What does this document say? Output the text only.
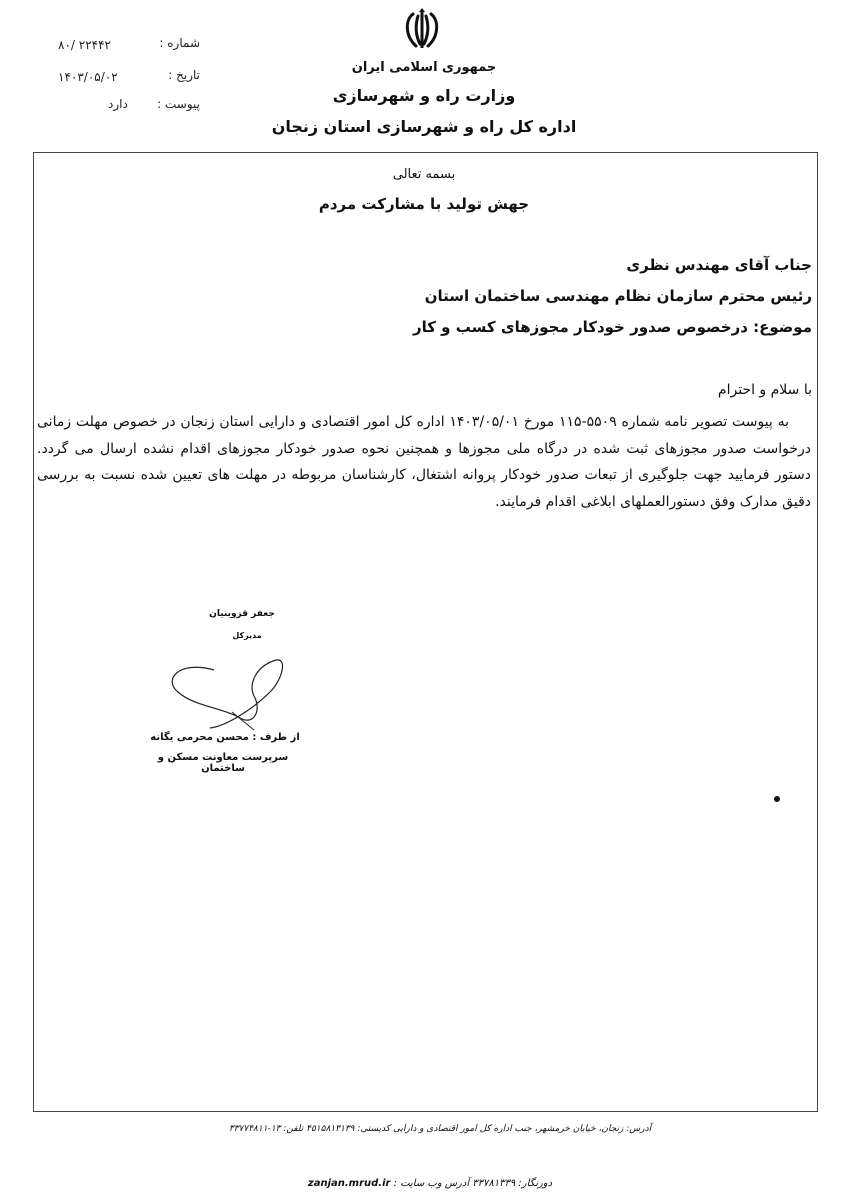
جمهوری اسلامی ایران
وزارت راه و شهرسازی
اداره کل راه و شهرسازی استان زنجان
شماره :
۸۰/ ۲۲۴۴۲
تاریخ :
۱۴۰۳/۰۵/۰۲
پیوست :
دارد
بسمه تعالی
جهش تولید با مشارکت مردم
جناب آقای مهندس نظری
رئیس محترم سازمان نظام مهندسی ساختمان استان
موضوع: درخصوص صدور خودکار مجوزهای کسب و کار
با سلام و احترام
به پیوست تصویر نامه شماره ۵۵۰۹-۱۱۵ مورخ ۱۴۰۳/۰۵/۰۱ اداره کل امور اقتصادی و دارایی استان زنجان در خصوص مهلت زمانی درخواست صدور مجوزهای ثبت شده در درگاه ملی مجوزها و همچنین نحوه صدور خودکار مجوزهای اقدام نشده ارسال می گردد. دستور فرمایید جهت جلوگیری از تبعات صدور خودکار پروانه اشتغال، کارشناسان مربوطه در مهلت های تعیین شده نسبت به بررسی دقیق مدارک وفق دستورالعملهای ابلاغی اقدام فرمایند.
جعفر قزوینیان
مدیرکل
از طرف : محسن محرمی یگانه
سرپرست معاونت مسکن و ساختمان
آدرس: زنجان، خیابان خرمشهر، جنب اداره کل امور اقتصادی و دارایی کدپستی: ۴۵۱۵۸۱۳۱۳۹ تلفن: ۱۳-۳۳۷۷۴۸۱۱
دورنگار: ۳۳۷۸۱۳۳۹ آدرس وب سایت : zanjan.mrud.ir
